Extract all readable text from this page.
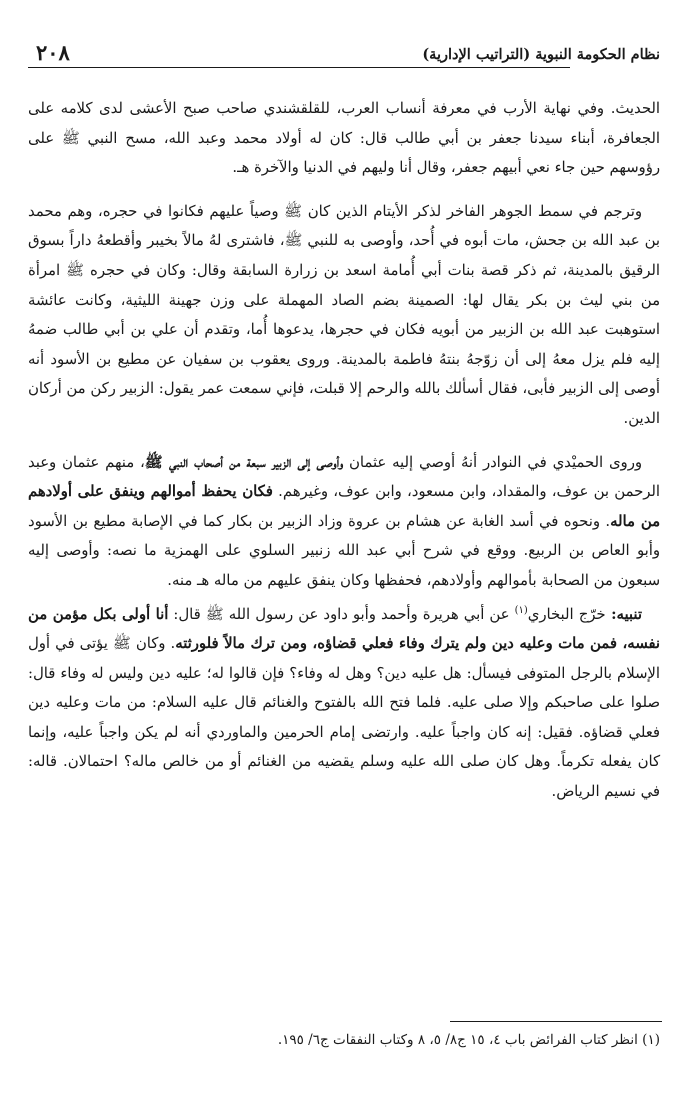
نظام الحكومة النبوية (التراتيب الإدارية)
٢٠٨

الحديث. وفي نهاية الأرب في معرفة أنساب العرب، للقلقشندي صاحب صبح الأعشى لدى كلامه على الجعافرة، أبناء سيدنا جعفر بن أبي طالب قال: كان له أولاد محمد وعبد الله، مسح النبي ﷺ على رؤوسهم حين جاء نعي أبيهم جعفر، وقال أنا وليهم في الدنيا والآخرة هـ.

وترجم في سمط الجوهر الفاخر لذكر الأيتام الذين كان ﷺ وصياً عليهم فكانوا في حجره، وهم محمد بن عبد الله بن جحش، مات أبوه في أُحد، وأوصى به للنبي ﷺ، فاشترى لهُ مالاً بخيبر وأقطعهُ داراً بسوق الرقيق بالمدينة، ثم ذكر قصة بنات أبي أُمامة اسعد بن زرارة السابقة وقال: وكان في حجره ﷺ امرأة من بني ليث بن بكر يقال لها: الصمينة بضم الصاد المهملة على وزن جهينة الليثية، وكانت عائشة استوهبت عبد الله بن الزبير من أبويه فكان في حجرها، يدعوها أُما، وتقدم أن علي بن أبي طالب ضمهُ إليه فلم يزل معهُ إلى أن زوّجهُ بنتهُ فاطمة بالمدينة. وروى يعقوب بن سفيان عن مطيع بن الأسود أنه أوصى إلى الزبير فأبى، فقال أسألك بالله والرحم إلا قبلت، فإني سمعت عمر يقول: الزبير ركن من أركان الدين.

وروى الحميْدي في النوادر أنهُ أوصي إليه عثمان وأوصى إلى الزبير سبعة من أصحاب النبي ﷺ، منهم عثمان وعبد الرحمن بن عوف، والمقداد، وابن مسعود، وابن عوف، وغيرهم. فكان يحفظ أموالهم وينفق على أولادهم من ماله. ونحوه في أسد الغابة عن هشام بن عروة وزاد الزبير بن بكار كما في الإصابة مطيع بن الأسود وأبو العاص بن الربيع. ووقع في شرح أبي عبد الله زنبير السلوي على الهمزية ما نصه: وأوصى إليه سبعون من الصحابة بأموالهم وأولادهم، فحفظها وكان ينفق عليهم من ماله هـ منه.

تنبيه: خرّج البخاري$^{(١)}$ عن أبي هريرة وأحمد وأبو داود عن رسول الله ﷺ قال: أنا أولى بكل مؤمن من نفسه، فمن مات وعليه دين ولم يترك وفاء فعلي قضاؤه، ومن ترك مالاً فلورثته. وكان ﷺ يؤتى في أول الإسلام بالرجل المتوفى فيسأل: هل عليه دين؟ وهل له وفاء؟ فإن قالوا له؛ عليه دين وليس له وفاء قال: صلوا على صاحبكم وإلا صلى عليه. فلما فتح الله بالفتوح والغنائم قال عليه السلام: من مات وعليه دين فعلي قضاؤه. فقيل: إنه كان واجباً عليه. وارتضى إمام الحرمين والماوردي أنه لم يكن واجباً عليه، وإنما كان يفعله تكرماً. وهل كان صلى الله عليه وسلم يقضيه من الغنائم أو من خالص ماله؟ احتمالان. قاله: في نسيم الرياض.

(١) انظر كتاب الفرائض باب ٤، ١٥ ج٨/ ٥، ٨ وكتاب النفقات ج٦/ ١٩٥.
